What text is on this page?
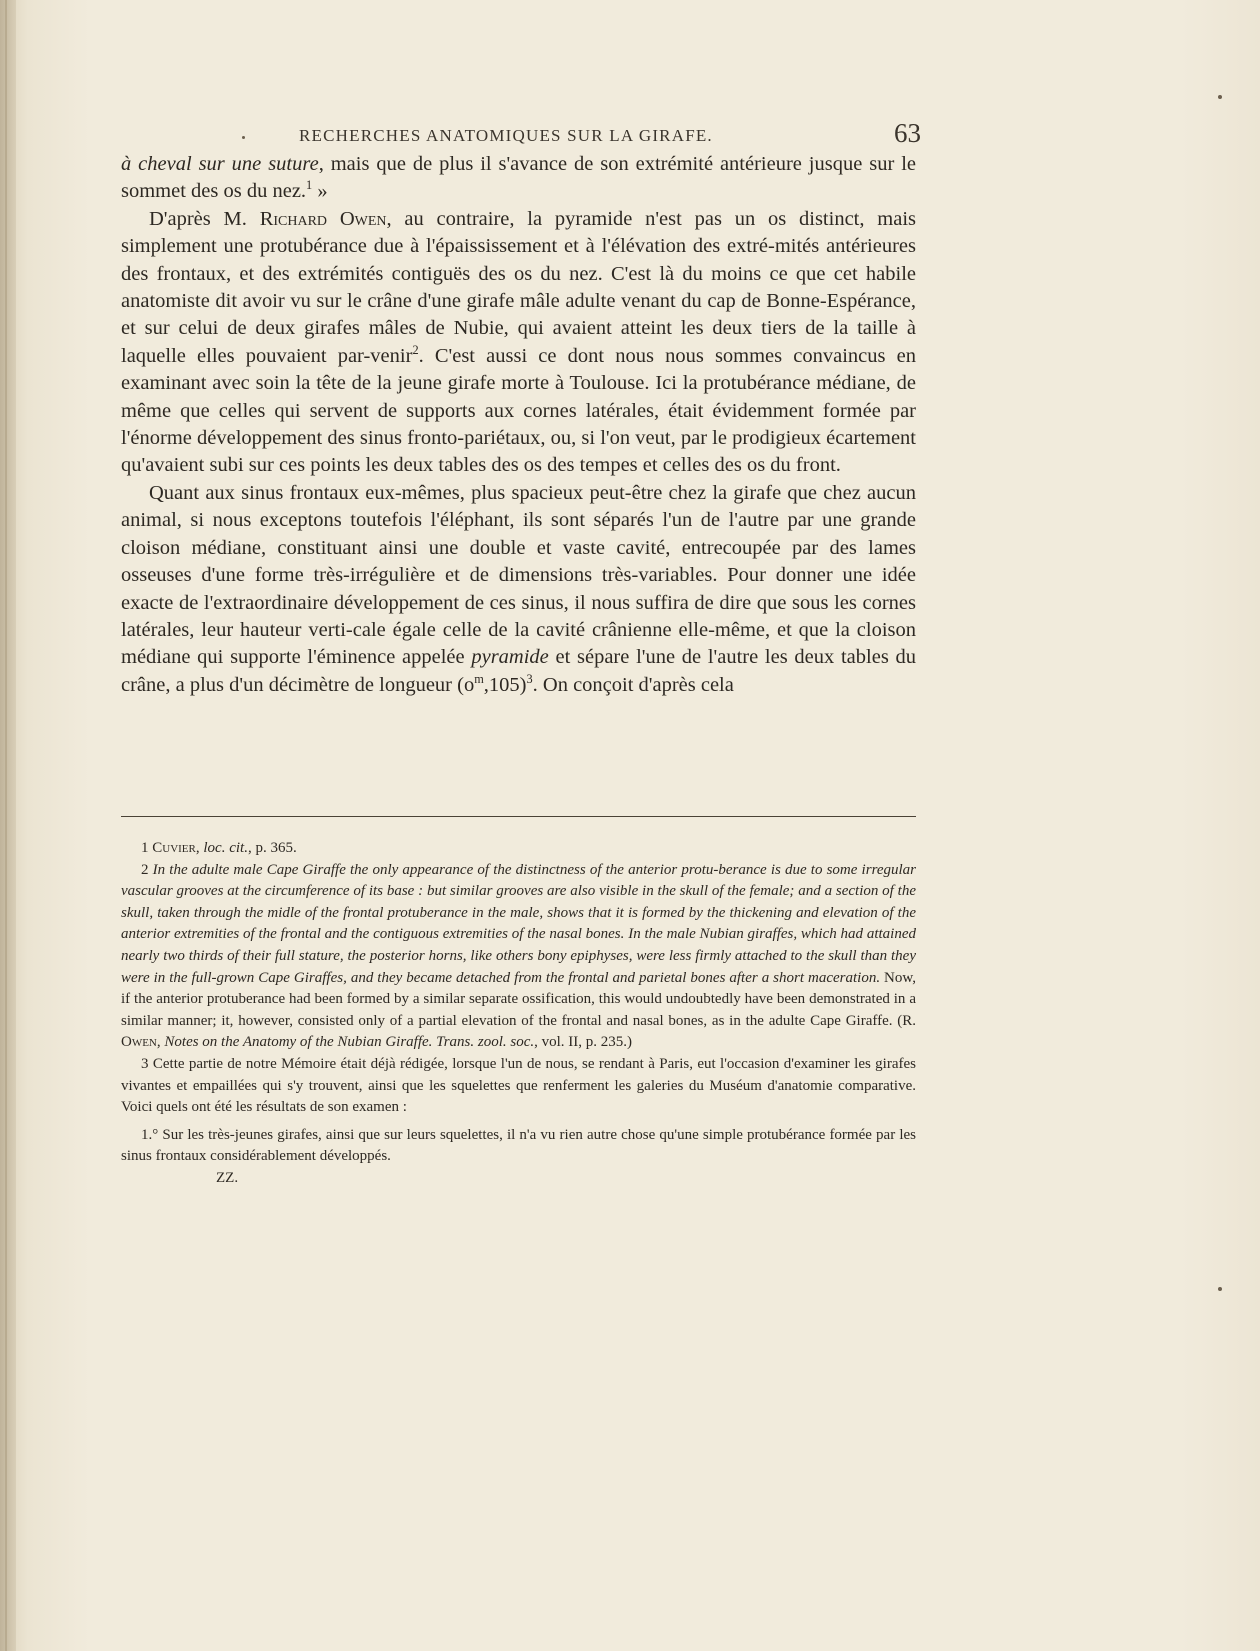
RECHERCHES ANATOMIQUES SUR LA GIRAFE.	63

à cheval sur une suture, mais que de plus il s'avance de son extrémité antérieure jusque sur le sommet des os du nez.$^1$ »

D'après M. Richard Owen, au contraire, la pyramide n'est pas un os distinct, mais simplement une protubérance due à l'épaississement et à l'élévation des extré-mités antérieures des frontaux, et des extrémités contiguës des os du nez. C'est là du moins ce que cet habile anatomiste dit avoir vu sur le crâne d'une girafe mâle adulte venant du cap de Bonne-Espérance, et sur celui de deux girafes mâles de Nubie, qui avaient atteint les deux tiers de la taille à laquelle elles pouvaient par-venir$^2$. C'est aussi ce dont nous nous sommes convaincus en examinant avec soin la tête de la jeune girafe morte à Toulouse. Ici la protubérance médiane, de même que celles qui servent de supports aux cornes latérales, était évidemment formée par l'énorme développement des sinus fronto-pariétaux, ou, si l'on veut, par le prodigieux écartement qu'avaient subi sur ces points les deux tables des os des tempes et celles des os du front.

Quant aux sinus frontaux eux-mêmes, plus spacieux peut-être chez la girafe que chez aucun animal, si nous exceptons toutefois l'éléphant, ils sont séparés l'un de l'autre par une grande cloison médiane, constituant ainsi une double et vaste cavité, entrecoupée par des lames osseuses d'une forme très-irrégulière et de dimensions très-variables. Pour donner une idée exacte de l'extraordinaire développement de ces sinus, il nous suffira de dire que sous les cornes latérales, leur hauteur verti-cale égale celle de la cavité crânienne elle-même, et que la cloison médiane qui supporte l'éminence appelée pyramide et sépare l'une de l'autre les deux tables du crâne, a plus d'un décimètre de longueur $(o^m,105)^3$. On conçoit d'après cela

1 Cuvier, loc. cit., p. 365.

2 In the adulte male Cape Giraffe the only appearance of the distinctness of the anterior protu-berance is due to some irregular vascular grooves at the circumference of its base : but similar grooves are also visible in the skull of the female; and a section of the skull, taken through the midle of the frontal protuberance in the male, shows that it is formed by the thickening and elevation of the anterior extremities of the frontal and the contiguous extremities of the nasal bones. In the male Nubian giraffes, which had attained nearly two thirds of their full stature, the posterior horns, like others bony epiphyses, were less firmly attached to the skull than they were in the full-grown Cape Giraffes, and they became detached from the frontal and parietal bones after a short maceration. Now, if the anterior protuberance had been formed by a similar separate ossification, this would undoubtedly have been demonstrated in a similar manner; it, however, consisted only of a partial elevation of the frontal and nasal bones, as in the adulte Cape Giraffe. (R. Owen, Notes on the Anatomy of the Nubian Giraffe. Trans. zool. soc., vol. II, p. 235.)

3 Cette partie de notre Mémoire était déjà rédigée, lorsque l'un de nous, se rendant à Paris, eut l'occasion d'examiner les girafes vivantes et empaillées qui s'y trouvent, ainsi que les squelettes que renferment les galeries du Muséum d'anatomie comparative. Voici quels ont été les résultats de son examen :

1.° Sur les très-jeunes girafes, ainsi que sur leurs squelettes, il n'a vu rien autre chose qu'une simple protubérance formée par les sinus frontaux considérablement développés.

ZZ.
